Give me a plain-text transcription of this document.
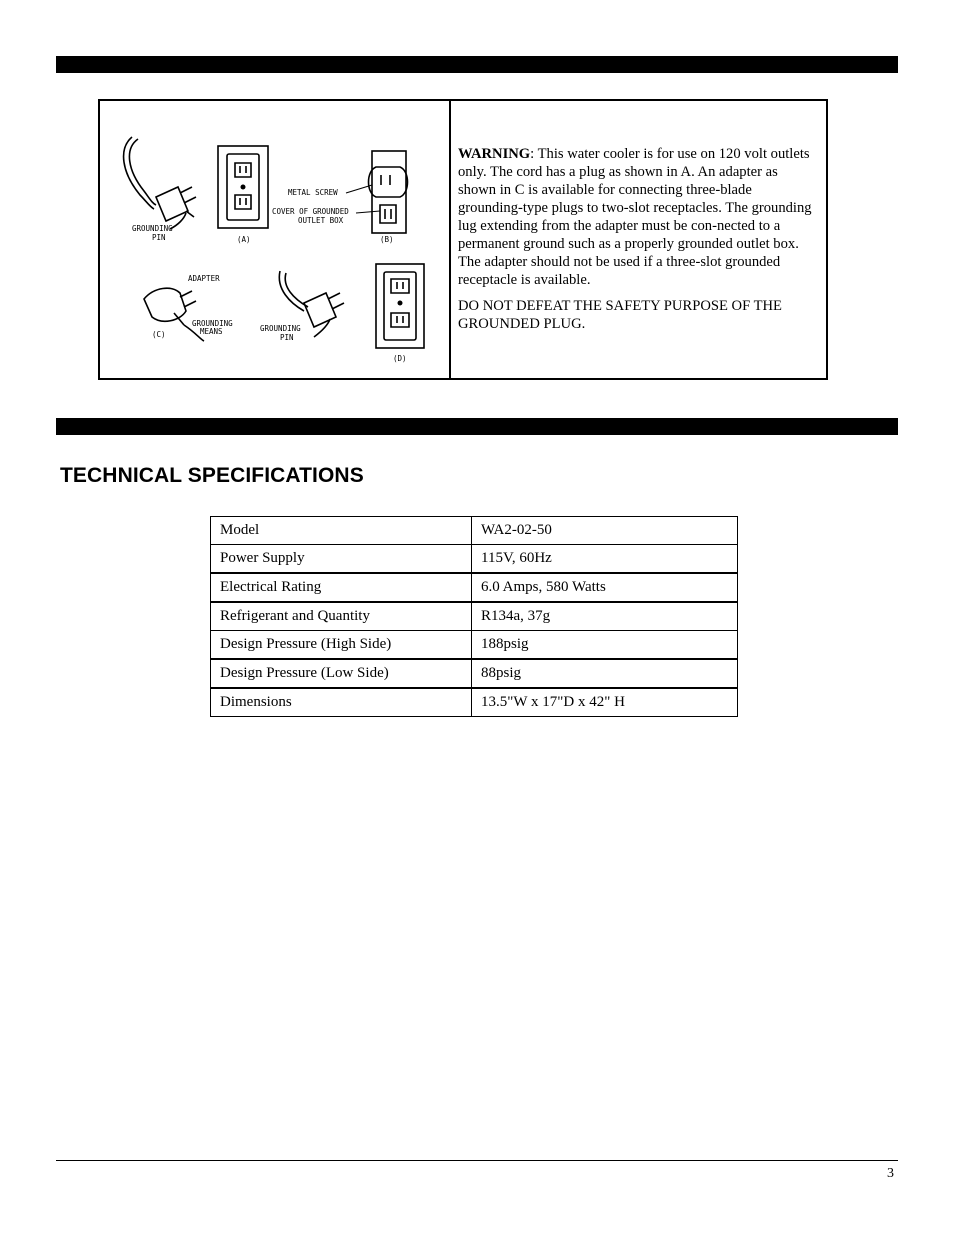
GROUNDING
PIN	(A)
METAL SCREW
COVER OF GROUNDED
OUTLET BOX
(B)
ADAPTER
(C)
GROUNDING
MEANS	GROUNDING
PIN
(D)

WARNING: This water cooler is for use on 120 volt outlets only. The cord has a plug as shown in A. An adapter as shown in C is available for connecting three-blade grounding-type plugs to two-slot receptacles. The grounding lug extending from the adapter must be con-nected to a permanent ground such as a properly grounded outlet box. The adapter should not be used if a three-slot grounded receptacle is available.

DO NOT DEFEAT THE SAFETY PURPOSE OF THE GROUNDED PLUG.

TECHNICAL SPECIFICATIONS
Model	WA2-02-50
Power Supply	115V, 60Hz
Electrical Rating	6.0 Amps, 580 Watts
Refrigerant and Quantity	R134a, 37g
Design Pressure (High Side)	188psig
Design Pressure (Low Side)	88psig
Dimensions	13.5"W x 17"D x 42" H
3
